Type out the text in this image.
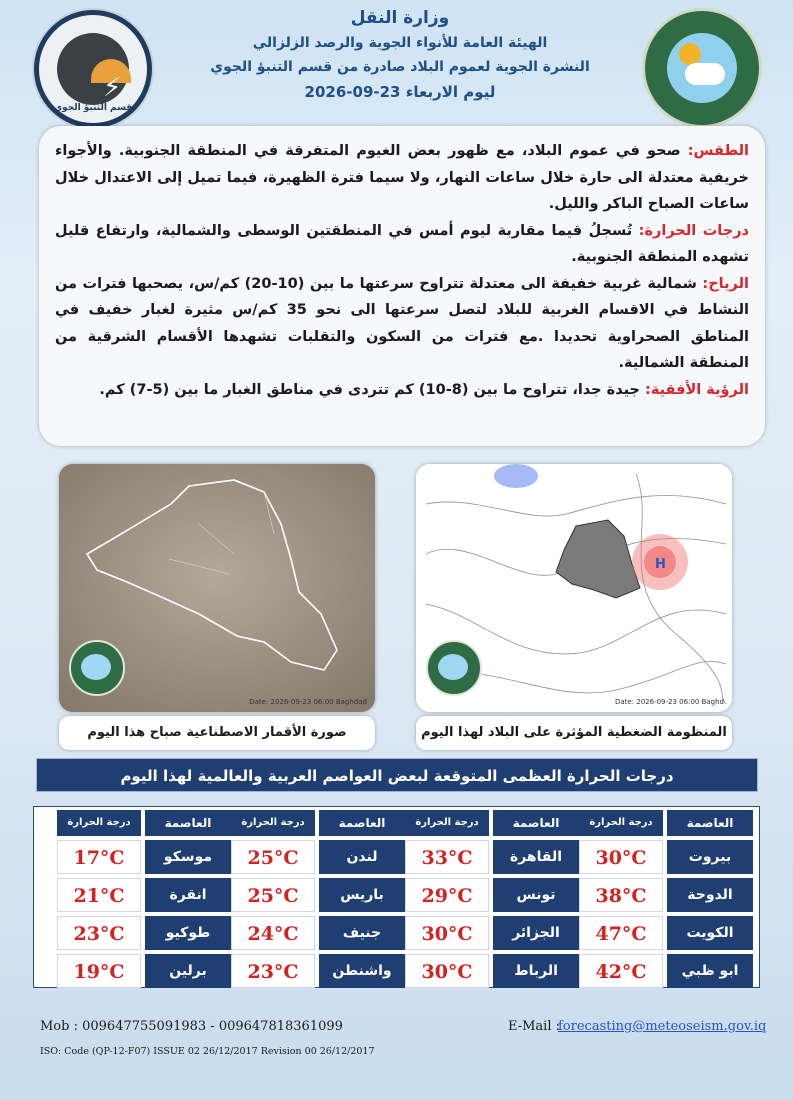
⚡
قسم التنبؤ الجوي
وزارة النقل
الهيئة العامة للأنواء الجوية والرصد الزلزالي
النشرة الجوية لعموم البلاد صادرة من قسم التنبؤ الجوي
ليوم الاربعاء 23-09-2026

الطقس: صحو في عموم البلاد، مع ظهور بعض الغيوم المتفرقة في المنطقة الجنوبية. والأجواء خريفية معتدلة الى حارة خلال ساعات النهار، ولا سيما فترة الظهيرة، فيما تميل إلى الاعتدال خلال ساعات الصباح الباكر والليل.

درجات الحرارة: تُسجلُ قيما مقاربة ليوم أمس في المنطقتين الوسطى والشمالية، وارتفاع قليل تشهده المنطقة الجنوبية.

الرياح: شمالية غربية خفيفة الى معتدلة تتراوح سرعتها ما بين (10-20) كم/س، يصحبها فترات من النشاط في الاقسام الغربية للبلاد لتصل سرعتها الى نحو 35 كم/س مثيرة لغبار خفيف في المناطق الصحراوية تحديدا .مع فترات من السكون والتقلبات تشهدها الأقسام الشرقية من المنطقة الشمالية.

الرؤية الأفقية: جيدة جدا، تتراوح ما بين (8-10) كم تتردى في مناطق الغبار ما بين (5-7) كم.

Date: 2026-09-23 06:00 Baghdad
صورة الأقمار الاصطناعية صباح هذا اليوم
H
Date: 2026-09-23 06:00 Baghd
المنظومة الضغطية المؤثرة على البلاد لهذا اليوم
درجات الحرارة العظمى المتوقعة لبعض العواصم العربية والعالمية لهذا اليوم
العاصمة
درجة الحرارة
بيروت
30°C
الدوحة
38°C
الكويت
47°C
ابو ظبي
42°C
العاصمة
درجة الحرارة
القاهرة
33°C
تونس
29°C
الجزائر
30°C
الرباط
30°C
العاصمة
درجة الحرارة
لندن
25°C
باريس
25°C
جنيف
24°C
واشنطن
23°C
العاصمة
درجة الحرارة
موسكو
17°C
انقرة
21°C
طوكيو
23°C
برلين
19°C
Mob : 009647755091983 - 009647818361099	E-Mail :
forecasting@meteoseism.gov.iq
ISO: Code (QP-12-F07) ISSUE 02 26/12/2017 Revision 00 26/12/2017
